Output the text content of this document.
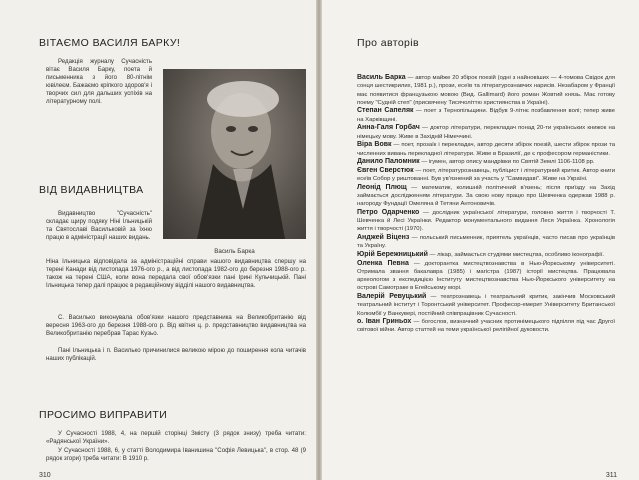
ВІТАЄМО ВАСИЛЯ БАРКУ!

Редакція журналу Сучасність вітає Василя Барку, поета й письменника з його 80-літнім ювілеєм. Бажаємо кріпкого здоров'я і творчих сил для дальших успіхів на літературному полі.

Василь Барка
ВІД ВИДАВНИЦТВА

Видавництво "Сучасність" складає щиру подяку Ніні Ільницькій та Святославі Васильковій за їхню працю в адміністрації наших видань.

Ніна Ільницька відповідала за адміністраційні справи нашого видавництва спершу на терені Канади від листопада 1976-ого р., а від листопада 1982-ого до березня 1988-ого р. також на терені США, коли вона передала свої обов'язки пані Ірині Кульчицькій. Пані Ільницька тепер далі працює в редакційному відділі нашого видавництва.

С. Василько виконувала обов'язки нашого представника на Великобританію від вересня 1963-ого до березня 1988-ого р. Від квітня ц. р. представництво видавництва на Великобританію перебрав Тарас Кузьо.

Пані Ільницька і п. Василько причинилися великою мірою до поширення кола читачів наших публікацій.

ПРОСИМО ВИПРАВИТИ

У Сучасності 1988, 4, на першій сторінці Змісту (3 рядок знизу) треба читати: «Радянської України».

У Сучасності 1988, 6, у статті Володимира Іванишина "Софія Левицька", в стор. 48 (9 рядок згори) треба читати: В 1910 р.

310
Про авторів
311

Василь Барка — автор майже 20 збірок поезій (одні з найновіших — 4-томова Свідок для сонця шестикрилих, 1981 р.), прози, есеїв та літературознавчих нарисів. Незабаром у Франції має появитися французькою мовою (Вид. Gallimard) його роман Жовтий князь. Має готову поему "Судній степ" (присвячену Тисячоліттю християнства в Україні).

Степан Сапеляк — поет з Тернопільщини. Відбув 9-літнє позбавлення волі; тепер живе на Харківщині.

Анна-Галя Горбач — доктор літератури, перекладач понад 20-ти українських книжок на німецьку мову. Живе в Західній Німеччині.

Віра Вовк — поет, прозаїк і перекладач, автор десяти збірок поезій, шести збірок прози та численних вивань перекладної літератури. Живе в Бразилії, де є професором германістики.

Данило Паломник — ігумен, автор опису мандрівки по Святій Землі 1106-1108 рр.

Євген Сверстюк — поет, літературознавець, публіцист і літературний критик. Автор книги есеїв Собор у риштованні. Був ув'язнений за участь у "Самвидаві". Живе на Україні.

Леонід Плющ — математик, колишній політичний в'язень; після приїзду на Захід займається дослідженням літератури. За свою нову працю про Шевченка одержав 1988 р. нагороду Фундації Омеляна й Тетяни Антоновичів.

Петро Одарченко — дослідник української літератури, головно життя і творчості Т. Шевченка й Лесі Українки. Редактор монументального видання Леся Українка. Хронологія життя і творчості (1970).

Анджей Віценз — польський письменник, приятель українців, часто писав про українців та Україну.

Юрій Бережницький — лікар, займається студіями мистецтва, особливо іконографії.

Оленка Певна — докторантка мистецтвознавства в Нью-Йоркському університеті. Отримала звання бакалавра (1985) і магістра (1987) історії мистецтва. Працювала археологом з експедицією Інституту мистецтвознавства Нью-Йоркського університету на острові Самотраке в Егейському морі.

Валерій Ревуцький — театрознавець і театральний критик, закінчив Московський театральний інститут і Торонтський університет. Професор-емерит Університету Британської Колюмбії у Ванкувері, постійний співпрацівник Сучасності.

о. Іван Гриньох — богослов, визначний учасник протинімецького підпілля під час Другої світової війни. Автор статтей на теми української релігійної дуковости.
